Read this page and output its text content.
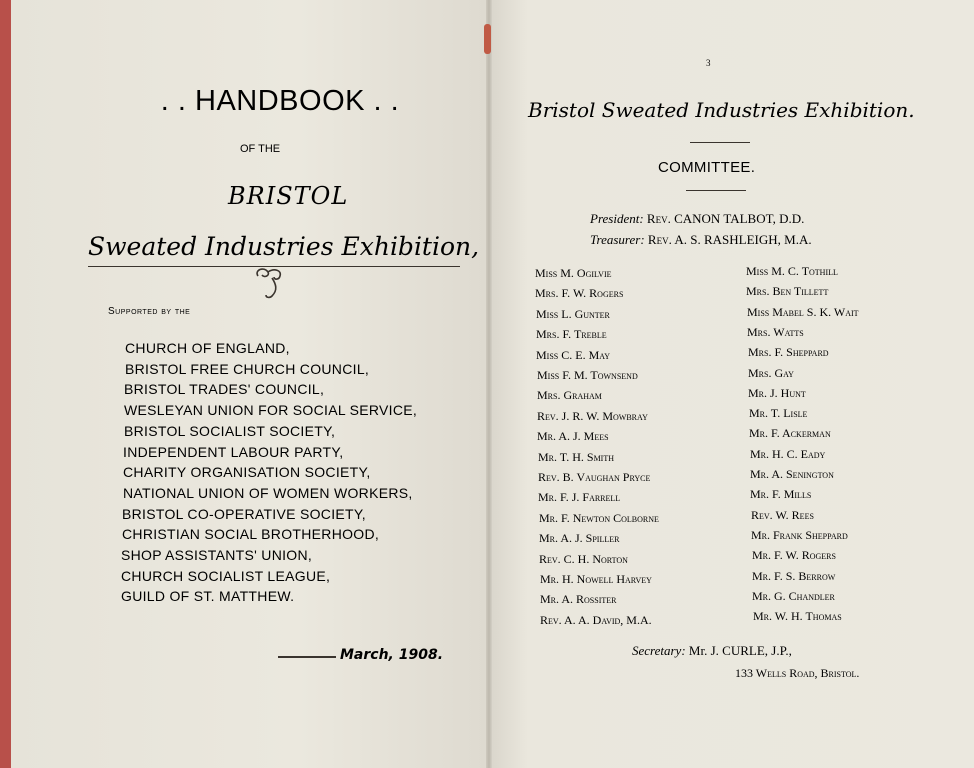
. . HANDBOOK . .
OF THE
BRISTOL
Sweated Industries Exhibition,
Supported by the
CHURCH OF ENGLAND,
BRISTOL FREE CHURCH COUNCIL,
BRISTOL TRADES' COUNCIL,
WESLEYAN UNION FOR SOCIAL SERVICE,
BRISTOL SOCIALIST SOCIETY,
INDEPENDENT LABOUR PARTY,
CHARITY ORGANISATION SOCIETY,
NATIONAL UNION OF WOMEN WORKERS,
BRISTOL CO-OPERATIVE SOCIETY,
CHRISTIAN SOCIAL BROTHERHOOD,
SHOP ASSISTANTS' UNION,
CHURCH SOCIALIST LEAGUE,
GUILD OF ST. MATTHEW.
March, 1908.
3
Bristol Sweated Industries Exhibition.
COMMITTEE.
President: Rev. CANON TALBOT, D.D.
Treasurer: Rev. A. S. RASHLEIGH, M.A.
Miss M. Ogilvie
Mrs. F. W. Rogers
Miss L. Gunter
Mrs. F. Treble
Miss C. E. May
Miss F. M. Townsend
Mrs. Graham
Rev. J. R. W. Mowbray
Mr. A. J. Mees
Mr. T. H. Smith
Rev. B. Vaughan Pryce
Mr. F. J. Farrell
Mr. F. Newton Colborne
Mr. A. J. Spiller
Rev. C. H. Norton
Mr. H. Nowell Harvey
Mr. A. Rossiter
Rev. A. A. David, M.A.
Miss M. C. Tothill
Mrs. Ben Tillett
Miss Mabel S. K. Wait
Mrs. Watts
Mrs. F. Sheppard
Mrs. Gay
Mr. J. Hunt
Mr. T. Lisle
Mr. F. Ackerman
Mr. H. C. Eady
Mr. A. Senington
Mr. F. Mills
Rev. W. Rees
Mr. Frank Sheppard
Mr. F. W. Rogers
Mr. F. S. Berrow
Mr. G. Chandler
Mr. W. H. Thomas
Secretary: Mr. J. CURLE, J.P.,
133 Wells Road, Bristol.
